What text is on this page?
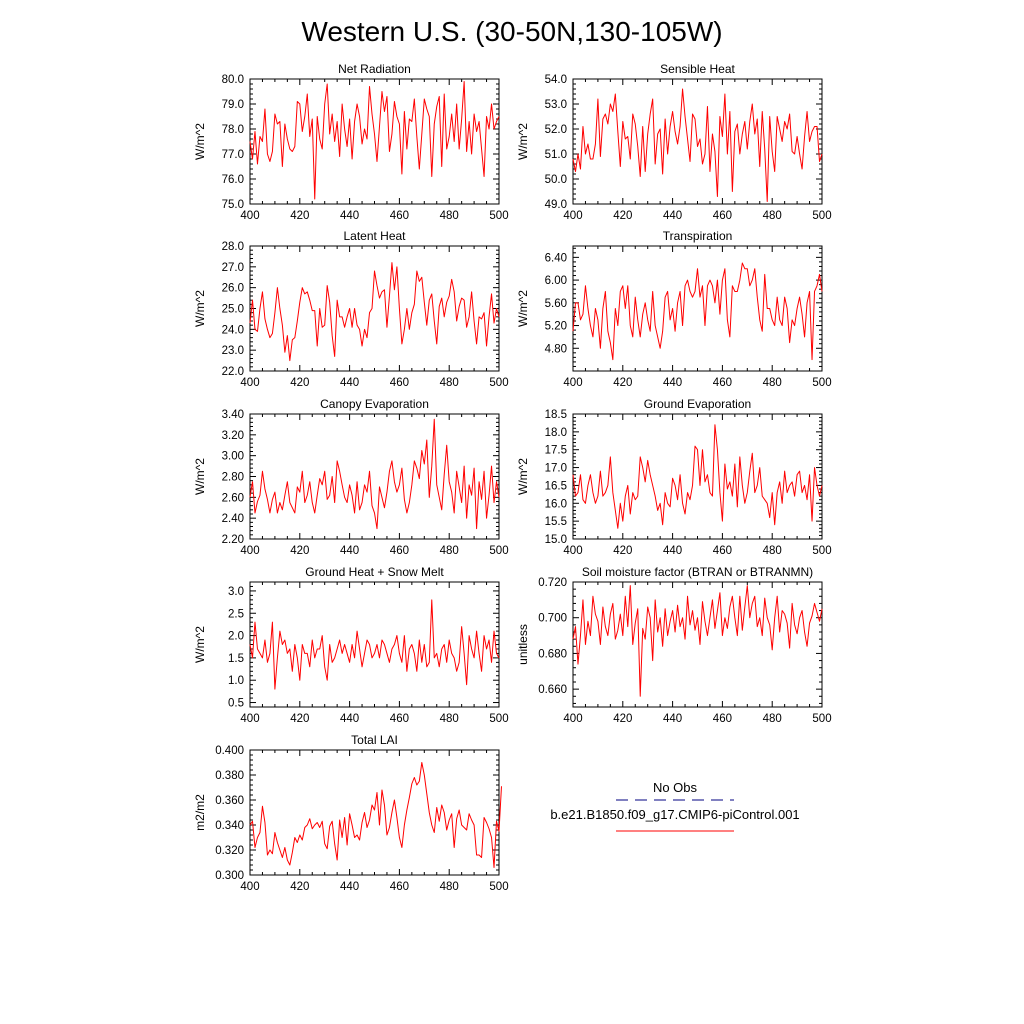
Western U.S. (30-50N,130-105W)
Net Radiation
W/m^2
400	420	440	460	480	500
75.0
76.0
77.0
78.0
79.0
80.0
Sensible Heat
W/m^2
400	420	440	460	480	500
49.0
50.0
51.0
52.0
53.0
54.0
Latent Heat
W/m^2
400	420	440	460	480	500
22.0
23.0
24.0
25.0
26.0
27.0
28.0
Transpiration
W/m^2
400	420	440	460	480	500
4.80
5.20
5.60
6.00
6.40
Canopy Evaporation
W/m^2
400	420	440	460	480	500
2.20
2.40
2.60
2.80
3.00
3.20
3.40
Ground Evaporation
W/m^2
400	420	440	460	480	500
15.0
15.5
16.0
16.5
17.0
17.5
18.0
18.5
Ground Heat + Snow Melt
W/m^2
400	420	440	460	480	500
0.5
1.0
1.5
2.0
2.5
3.0
Soil moisture factor (BTRAN or BTRANMN)
unitless
400	420	440	460	480	500
0.660
0.680
0.700
0.720
Total LAI
m2/m2
400	420	440	460	480	500
0.300
0.320
0.340
0.360
0.380
0.400
No Obs
b.e21.B1850.f09_g17.CMIP6-piControl.001
